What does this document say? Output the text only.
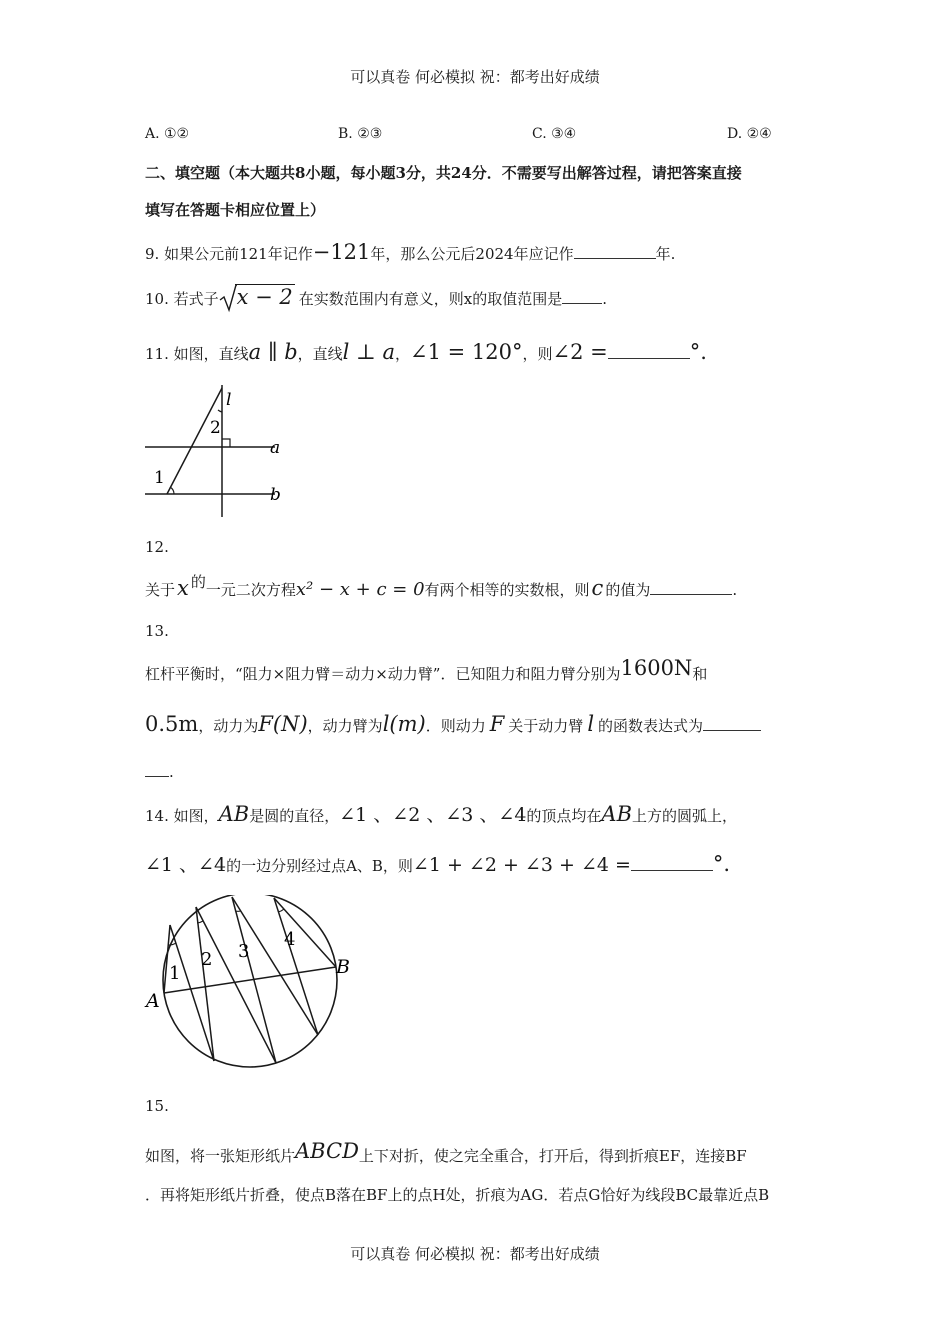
可以真卷 何必模拟 祝：都考出好成绩
A. ①②	B. ②③	C. ③④	D. ②④
二、填空题（本大题共8小题，每小题3分，共24分．不需要写出解答过程，请把答案直接
填写在答题卡相应位置上）
9. 如果公元前121年记作−121年，那么公元后2024年应记作	年.
10. 若式子 x − 2 在实数范围内有意义，则x的取值范围是	.
11. 如图，直线a ∥ b，直线l ⊥ a，∠1 = 120°，则∠2 =	°.
l
2
1
a
b
12.
关于x 的一元二次方程x² − x + c = 0有两个相等的实数根，则c 的值为	.
13.
杠杆平衡时，“阻力×阻力臂＝动力×动力臂”．已知阻力和阻力臂分别为1600N和
0.5m，动力为F(N)，动力臂为l(m)．则动力 F 关于动力臂 l 的函数表达式为
.
14. 如图，AB是圆的直径，∠1 、∠2 、∠3 、∠4的顶点均在AB上方的圆弧上，
∠1 、∠4的一边分别经过点A、B，则∠1 + ∠2 + ∠3 + ∠4 =	°.
1
2 3
4
A
B
15.
如图，将一张矩形纸片ABCD上下对折，使之完全重合，打开后，得到折痕EF，连接BF
．再将矩形纸片折叠，使点B落在BF上的点H处，折痕为AG．若点G恰好为线段BC最靠近点B
可以真卷 何必模拟 祝：都考出好成绩
